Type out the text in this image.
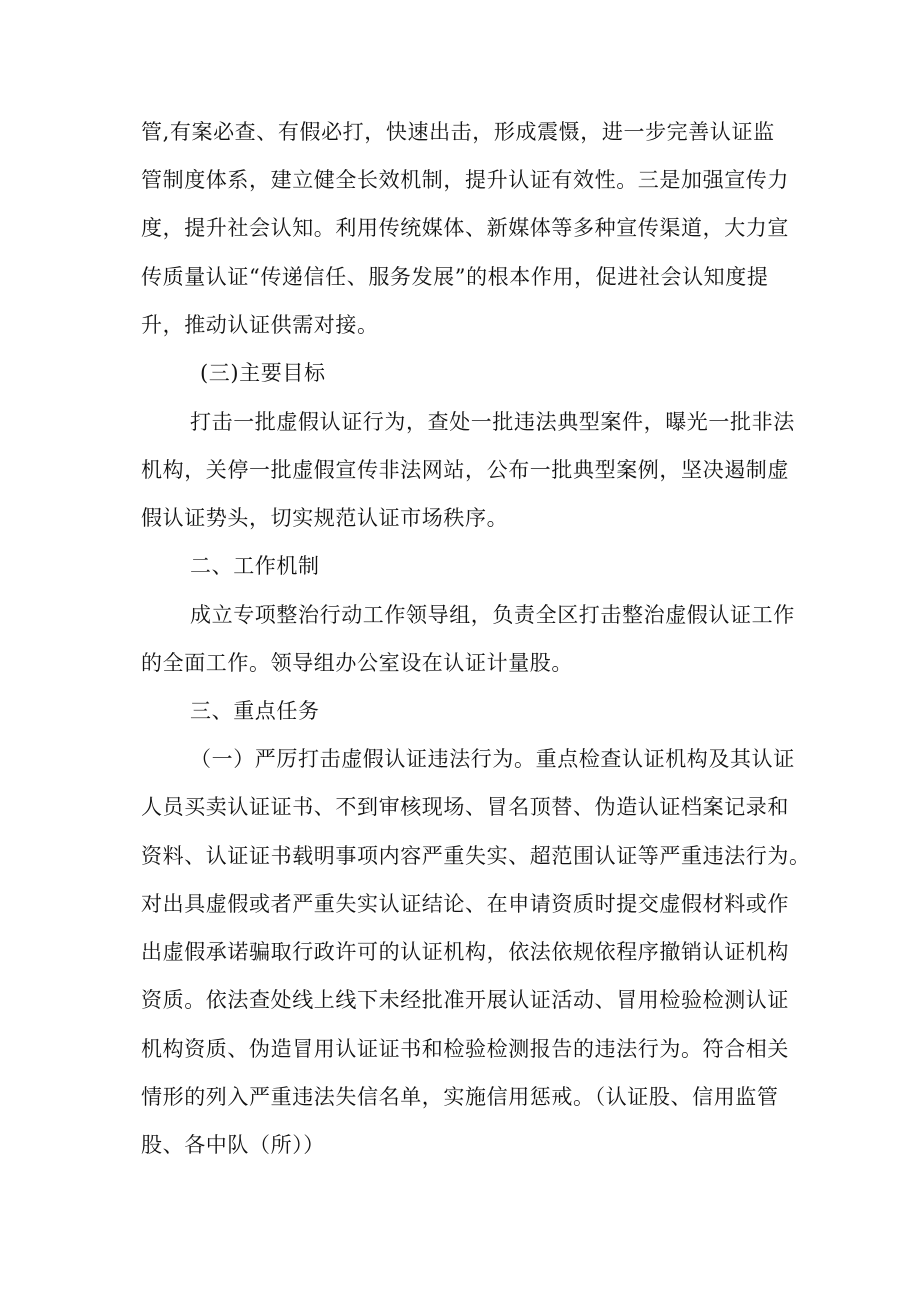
管,有案必查、有假必打，快速出击，形成震慑，进一步完善认证监
管制度体系，建立健全长效机制，提升认证有效性。三是加强宣传力
度，提升社会认知。利用传统媒体、新媒体等多种宣传渠道，大力宣
传质量认证“传递信任、服务发展”的根本作用，促进社会认知度提
升，推动认证供需对接。
(三)主要目标
打击一批虚假认证行为，查处一批违法典型案件，曝光一批非法
机构，关停一批虚假宣传非法网站，公布一批典型案例，坚决遏制虚
假认证势头，切实规范认证市场秩序。
二、工作机制
成立专项整治行动工作领导组，负责全区打击整治虚假认证工作
的全面工作。领导组办公室设在认证计量股。
三、重点任务
（一）严厉打击虚假认证违法行为。重点检查认证机构及其认证
人员买卖认证证书、不到审核现场、冒名顶替、伪造认证档案记录和
资料、认证证书载明事项内容严重失实、超范围认证等严重违法行为。
对出具虚假或者严重失实认证结论、在申请资质时提交虚假材料或作
出虚假承诺骗取行政许可的认证机构，依法依规依程序撤销认证机构
资质。依法查处线上线下未经批准开展认证活动、冒用检验检测认证
机构资质、伪造冒用认证证书和检验检测报告的违法行为。符合相关
情形的列入严重违法失信名单，实施信用惩戒。（认证股、信用监管
股、各中队（所））
